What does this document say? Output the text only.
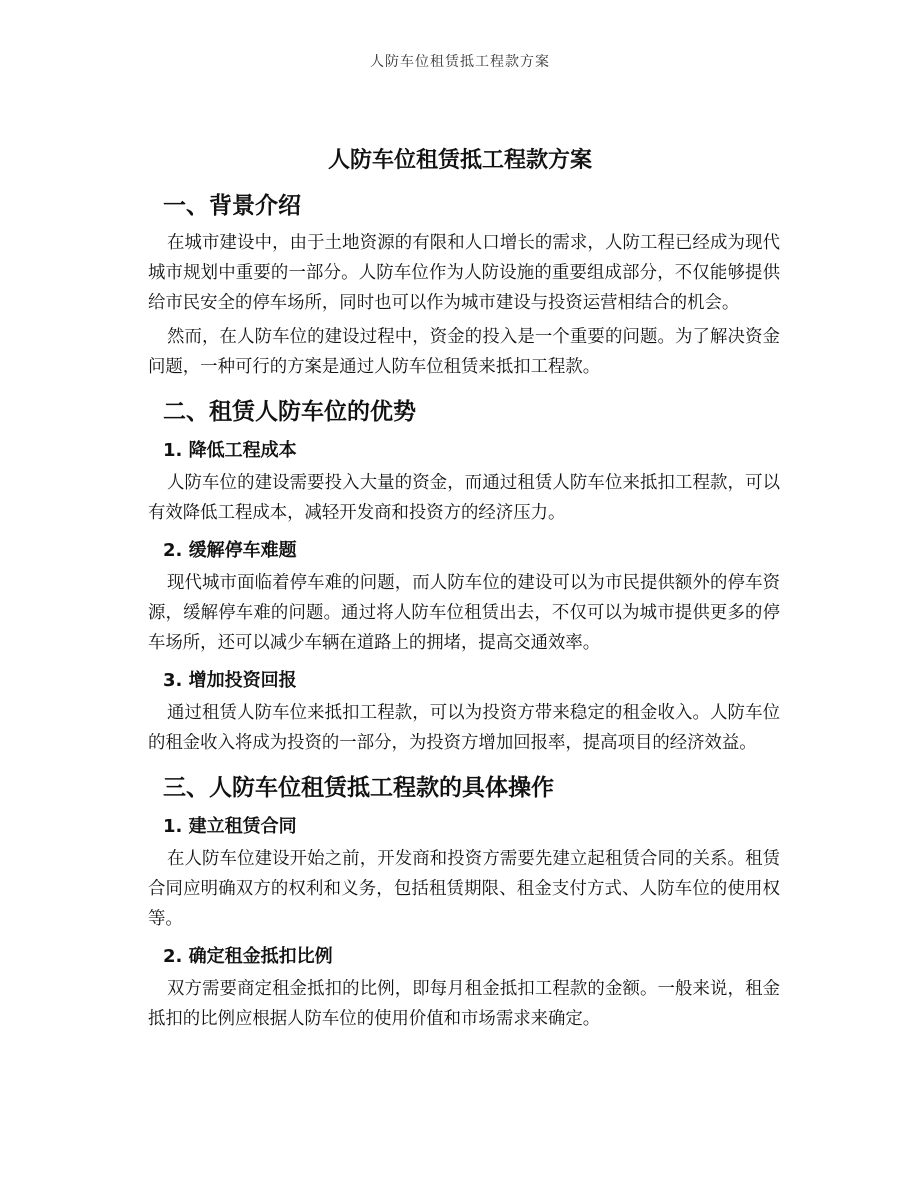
人防车位租赁抵工程款方案
人防车位租赁抵工程款方案
一、背景介绍

在城市建设中，由于土地资源的有限和人口增长的需求，人防工程已经成为现代城市规划中重要的一部分。人防车位作为人防设施的重要组成部分，不仅能够提供给市民安全的停车场所，同时也可以作为城市建设与投资运营相结合的机会。

然而，在人防车位的建设过程中，资金的投入是一个重要的问题。为了解决资金问题，一种可行的方案是通过人防车位租赁来抵扣工程款。

二、租赁人防车位的优势
1. 降低工程成本

人防车位的建设需要投入大量的资金，而通过租赁人防车位来抵扣工程款，可以有效降低工程成本，减轻开发商和投资方的经济压力。

2. 缓解停车难题

现代城市面临着停车难的问题，而人防车位的建设可以为市民提供额外的停车资源，缓解停车难的问题。通过将人防车位租赁出去，不仅可以为城市提供更多的停车场所，还可以减少车辆在道路上的拥堵，提高交通效率。

3. 增加投资回报

通过租赁人防车位来抵扣工程款，可以为投资方带来稳定的租金收入。人防车位的租金收入将成为投资的一部分，为投资方增加回报率，提高项目的经济效益。

三、人防车位租赁抵工程款的具体操作
1. 建立租赁合同

在人防车位建设开始之前，开发商和投资方需要先建立起租赁合同的关系。租赁合同应明确双方的权利和义务，包括租赁期限、租金支付方式、人防车位的使用权等。

2. 确定租金抵扣比例

双方需要商定租金抵扣的比例，即每月租金抵扣工程款的金额。一般来说，租金抵扣的比例应根据人防车位的使用价值和市场需求来确定。
